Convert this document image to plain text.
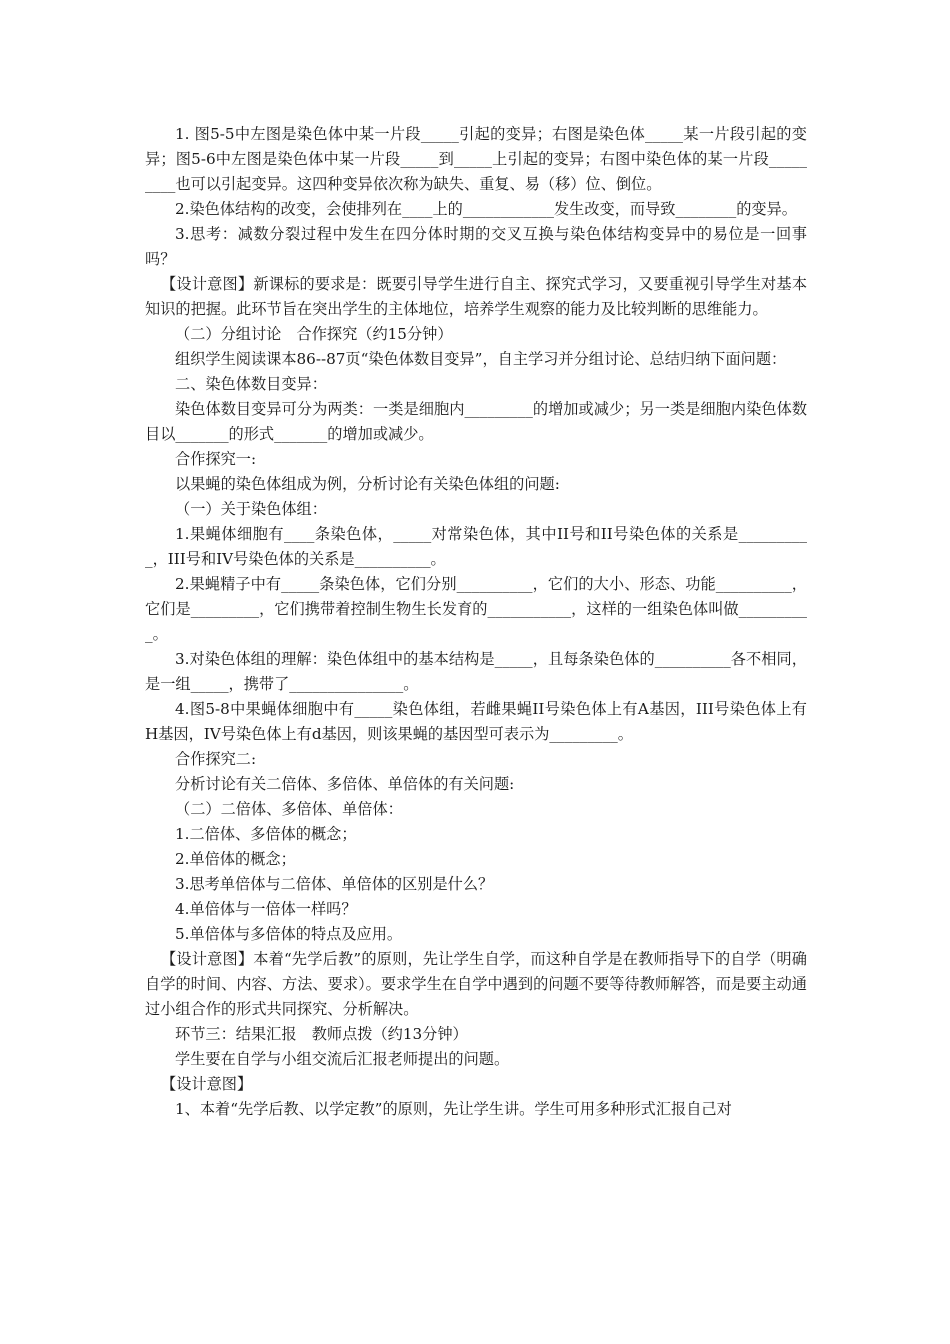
1. 图5-5中左图是染色体中某一片段_____引起的变异；右图是染色体_____某一片段引起的变异；图5-6中左图是染色体中某一片段_____到_____上引起的变异；右图中染色体的某一片段_________也可以引起变异。这四种变异依次称为缺失、重复、易（移）位、倒位。

2.染色体结构的改变，会使排列在____上的____________发生改变，而导致________的变异。

3.思考：减数分裂过程中发生在四分体时期的交叉互换与染色体结构变异中的易位是一回事吗？

【设计意图】新课标的要求是：既要引导学生进行自主、探究式学习，又要重视引导学生对基本知识的把握。此环节旨在突出学生的主体地位，培养学生观察的能力及比较判断的思维能力。

（二）分组讨论　合作探究（约15分钟）

组织学生阅读课本86--87页“染色体数目变异”，自主学习并分组讨论、总结归纳下面问题：

二、染色体数目变异：

染色体数目变异可分为两类：一类是细胞内_________的增加或减少；另一类是细胞内染色体数目以_______的形式_______的增加或减少。

合作探究一:

以果蝇的染色体组成为例，分析讨论有关染色体组的问题:

（一）关于染色体组：

1.果蝇体细胞有____条染色体，_____对常染色体，其中II号和II号染色体的关系是__________，III号和IV号染色体的关系是__________。

2.果蝇精子中有_____条染色体，它们分别__________，它们的大小、形态、功能__________，它们是_________，它们携带着控制生物生长发育的___________，这样的一组染色体叫做__________。

3.对染色体组的理解：染色体组中的基本结构是_____，且每条染色体的__________各不相同，是一组_____，携带了_______________。

4.图5-8中果蝇体细胞中有_____染色体组，若雌果蝇II号染色体上有A基因，III号染色体上有H基因，IV号染色体上有d基因，则该果蝇的基因型可表示为_________。

合作探究二:

分析讨论有关二倍体、多倍体、单倍体的有关问题:

（二）二倍体、多倍体、单倍体：

1.二倍体、多倍体的概念；

2.单倍体的概念；

3.思考单倍体与二倍体、单倍体的区别是什么？

4.单倍体与一倍体一样吗？

5.单倍体与多倍体的特点及应用。

【设计意图】本着“先学后教”的原则，先让学生自学，而这种自学是在教师指导下的自学（明确自学的时间、内容、方法、要求）。要求学生在自学中遇到的问题不要等待教师解答，而是要主动通过小组合作的形式共同探究、分析解决。

环节三：结果汇报　教师点拨（约13分钟）

学生要在自学与小组交流后汇报老师提出的问题。

【设计意图】

1、本着“先学后教、以学定教”的原则，先让学生讲。学生可用多种形式汇报自己对
